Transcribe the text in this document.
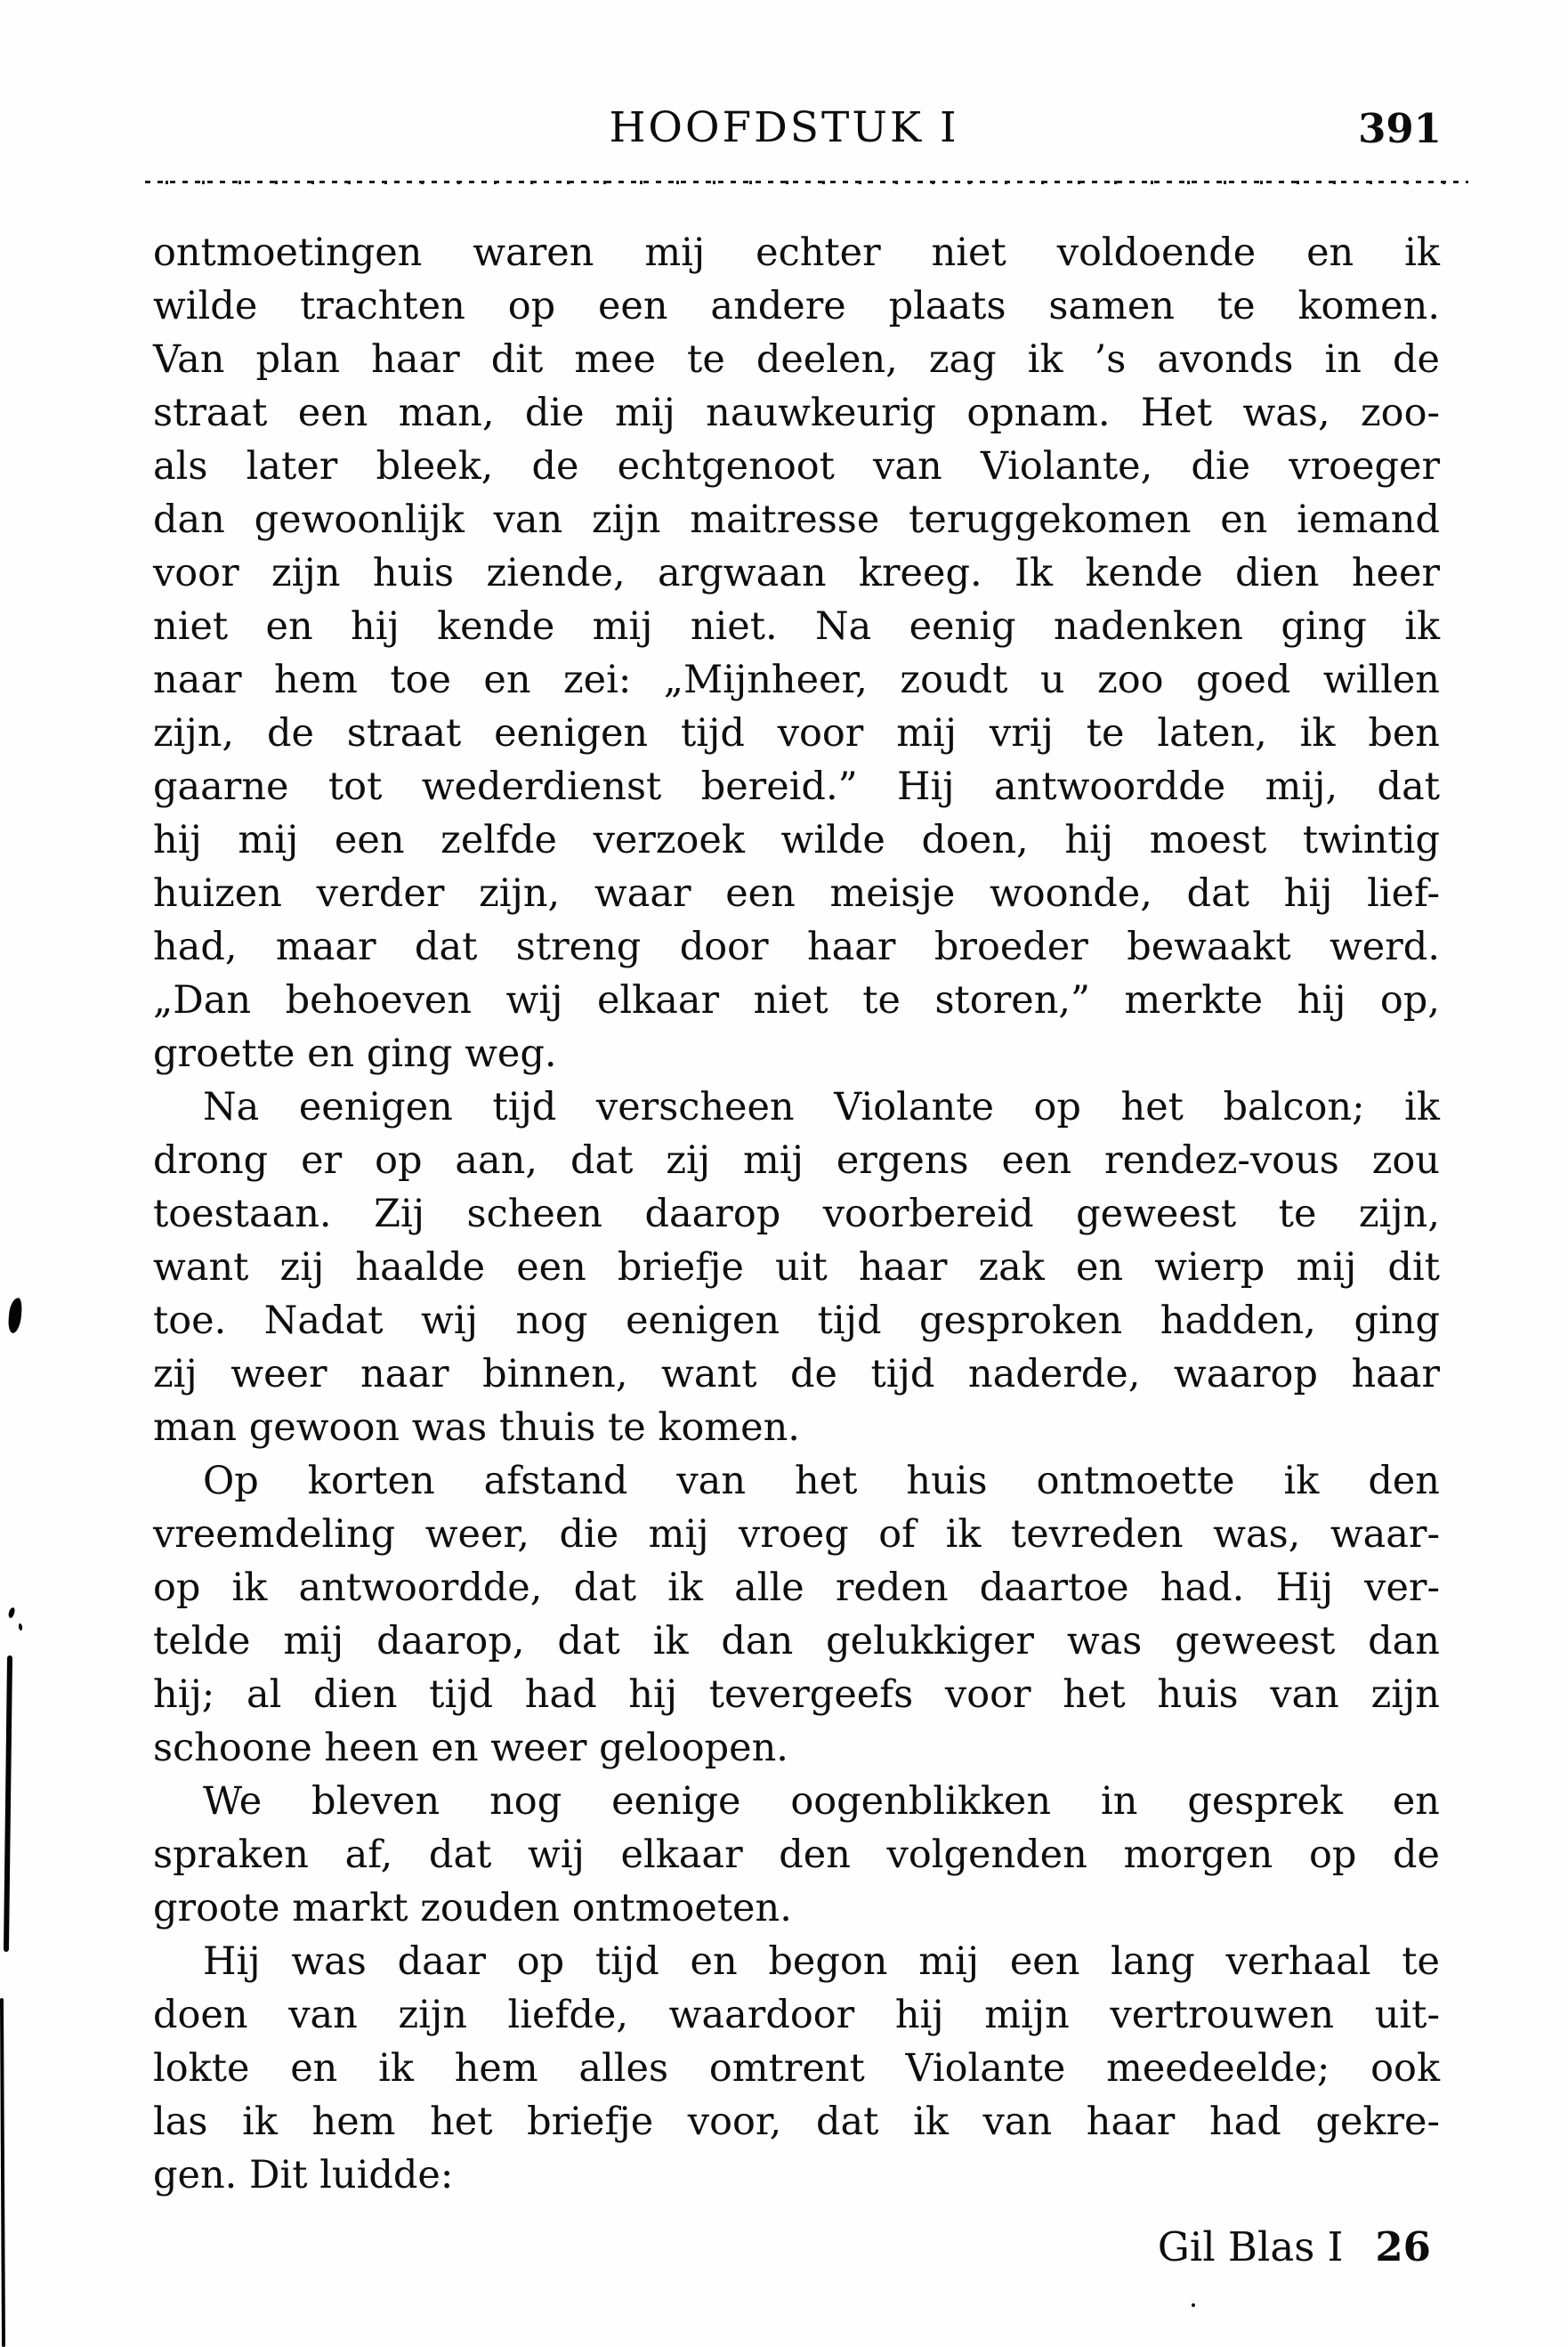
HOOFDSTUK I	391
ontmoetingen waren mij echter niet voldoende en ik
wilde trachten op een andere plaats samen te komen.
Van plan haar dit mee te deelen, zag ik ’s avonds in de
straat een man, die mij nauwkeurig opnam. Het was, zoo-
als later bleek, de echtgenoot van Violante, die vroeger
dan gewoonlijk van zijn maitresse teruggekomen en iemand
voor zijn huis ziende, argwaan kreeg. Ik kende dien heer
niet en hij kende mij niet. Na eenig nadenken ging ik
naar hem toe en zei: „Mijnheer, zoudt u zoo goed willen
zijn, de straat eenigen tijd voor mij vrij te laten, ik ben
gaarne tot wederdienst bereid.” Hij antwoordde mij, dat
hij mij een zelfde verzoek wilde doen, hij moest twintig
huizen verder zijn, waar een meisje woonde, dat hij lief-
had, maar dat streng door haar broeder bewaakt werd.
„Dan behoeven wij elkaar niet te storen,” merkte hij op,
groette en ging weg.
Na eenigen tijd verscheen Violante op het balcon; ik
drong er op aan, dat zij mij ergens een rendez-vous zou
toestaan. Zij scheen daarop voorbereid geweest te zijn,
want zij haalde een briefje uit haar zak en wierp mij dit
toe. Nadat wij nog eenigen tijd gesproken hadden, ging
zij weer naar binnen, want de tijd naderde, waarop haar
man gewoon was thuis te komen.
Op korten afstand van het huis ontmoette ik den
vreemdeling weer, die mij vroeg of ik tevreden was, waar-
op ik antwoordde, dat ik alle reden daartoe had. Hij ver-
telde mij daarop, dat ik dan gelukkiger was geweest dan
hij; al dien tijd had hij tevergeefs voor het huis van zijn
schoone heen en weer geloopen.
We bleven nog eenige oogenblikken in gesprek en
spraken af, dat wij elkaar den volgenden morgen op de
groote markt zouden ontmoeten.
Hij was daar op tijd en begon mij een lang verhaal te
doen van zijn liefde, waardoor hij mijn vertrouwen uit-
lokte en ik hem alles omtrent Violante meedeelde; ook
las ik hem het briefje voor, dat ik van haar had gekre-
gen. Dit luidde:
Gil Blas I 26
